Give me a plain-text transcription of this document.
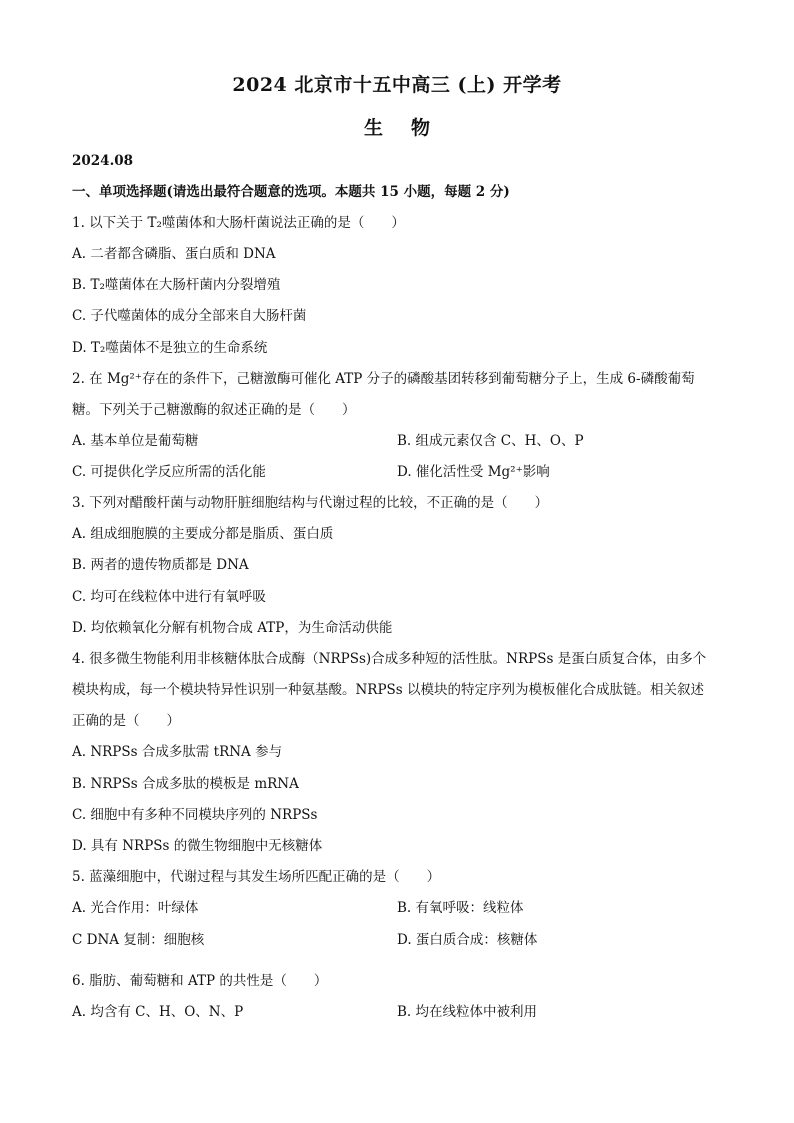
2024 北京市十五中高三 (上) 开学考
生物
2024.08
一、单项选择题(请选出最符合题意的选项。本题共 15 小题，每题 2 分)
1. 以下关于 T₂噬菌体和大肠杆菌说法正确的是（　　）
A. 二者都含磷脂、蛋白质和 DNA
B. T₂噬菌体在大肠杆菌内分裂增殖
C. 子代噬菌体的成分全部来自大肠杆菌
D. T₂噬菌体不是独立的生命系统
2. 在 Mg²⁺存在的条件下，己糖激酶可催化 ATP 分子的磷酸基团转移到葡萄糖分子上，生成 6-磷酸葡萄
糖。下列关于己糖激酶的叙述正确的是（　　）
A. 基本单位是葡萄糖	B. 组成元素仅含 C、H、O、P
C. 可提供化学反应所需的活化能	D. 催化活性受 Mg²⁺影响
3. 下列对醋酸杆菌与动物肝脏细胞结构与代谢过程的比较，不正确的是（　　）
A. 组成细胞膜的主要成分都是脂质、蛋白质
B. 两者的遗传物质都是 DNA
C. 均可在线粒体中进行有氧呼吸
D. 均依赖氧化分解有机物合成 ATP，为生命活动供能
4. 很多微生物能利用非核糖体肽合成酶（NRPSs)合成多种短的活性肽。NRPSs 是蛋白质复合体，由多个
模块构成，每一个模块特异性识别一种氨基酸。NRPSs 以模块的特定序列为模板催化合成肽链。相关叙述
正确的是（　　）
A. NRPSs 合成多肽需 tRNA 参与
B. NRPSs 合成多肽的模板是 mRNA
C. 细胞中有多种不同模块序列的 NRPSs
D. 具有 NRPSs 的微生物细胞中无核糖体
5. 蓝藻细胞中，代谢过程与其发生场所匹配正确的是（　　）
A. 光合作用：叶绿体	B. 有氧呼吸：线粒体
C DNA 复制：细胞核	D. 蛋白质合成：核糖体
6. 脂肪、葡萄糖和 ATP 的共性是（　　）
A. 均含有 C、H、O、N、P	B. 均在线粒体中被利用
